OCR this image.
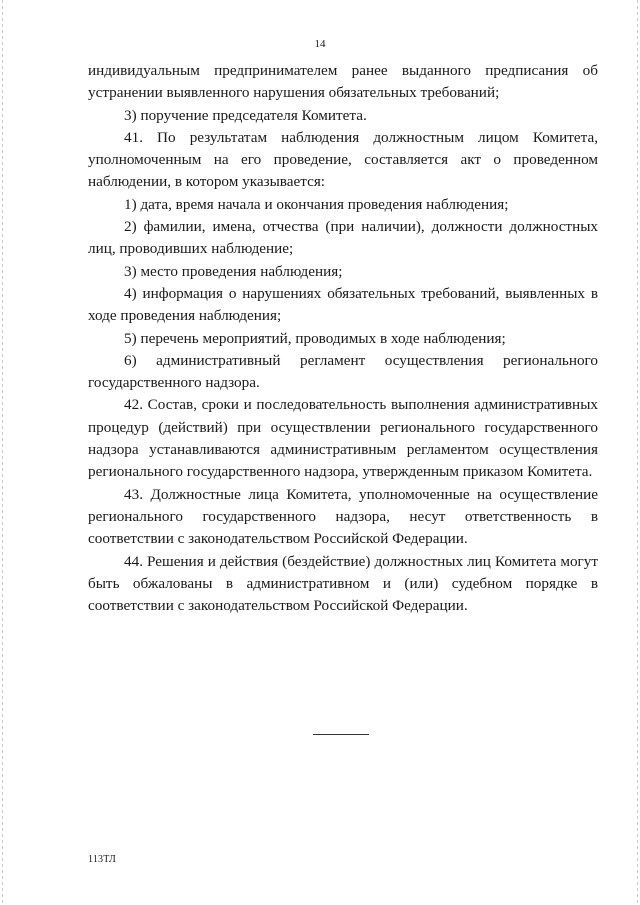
14

индивидуальным предпринимателем ранее выданного предписания об устранении выявленного нарушения обязательных требований;

3) поручение председателя Комитета.

41. По результатам наблюдения должностным лицом Комитета, уполномоченным на его проведение, составляется акт о проведенном наблюдении, в котором указывается:

1) дата, время начала и окончания проведения наблюдения;

2) фамилии, имена, отчества (при наличии), должности должностных лиц, проводивших наблюдение;

3) место проведения наблюдения;

4) информация о нарушениях обязательных требований, выявленных в ходе проведения наблюдения;

5) перечень мероприятий, проводимых в ходе наблюдения;

6) административный регламент осуществления регионального государственного надзора.

42. Состав, сроки и последовательность выполнения административных процедур (действий) при осуществлении регионального государственного надзора устанавливаются административным регламентом осуществления регионального государственного надзора, утвержденным приказом Комитета.

43. Должностные лица Комитета, уполномоченные на осуществление регионального государственного надзора, несут ответственность в соответствии с законодательством Российской Федерации.

44. Решения и действия (бездействие) должностных лиц Комитета могут быть обжалованы в административном и (или) судебном порядке в соответствии с законодательством Российской Федерации.

113ТЛ
